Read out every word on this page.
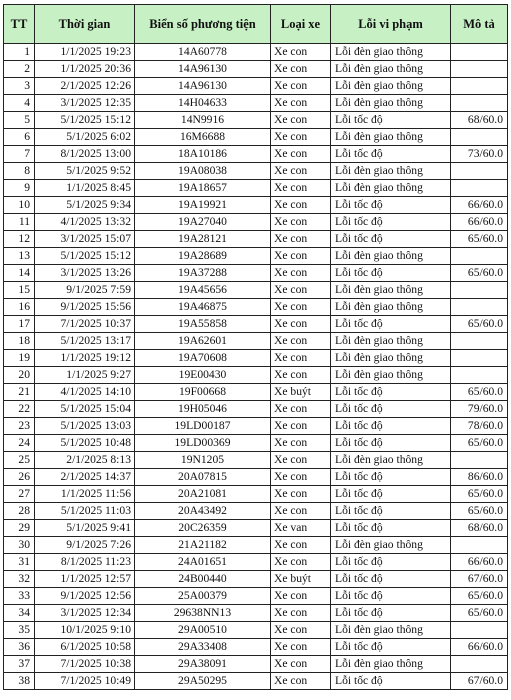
TT	Thời gian	Biển số phương tiện	Loại xe	Lỗi vi phạm	Mô tả
1	1/1/2025 19:23	14A60778	Xe con	Lỗi đèn giao thông	
2	1/1/2025 20:36	14A96130	Xe con	Lỗi đèn giao thông	
3	2/1/2025 12:26	14A96130	Xe con	Lỗi đèn giao thông	
4	3/1/2025 12:35	14H04633	Xe con	Lỗi đèn giao thông	
5	5/1/2025 15:12	14N9916	Xe con	Lỗi tốc độ	68/60.0
6	5/1/2025 6:02	16M6688	Xe con	Lỗi đèn giao thông	
7	8/1/2025 13:00	18A10186	Xe con	Lỗi tốc độ	73/60.0
8	5/1/2025 9:52	19A08038	Xe con	Lỗi đèn giao thông	
9	1/1/2025 8:45	19A18657	Xe con	Lỗi đèn giao thông	
10	5/1/2025 9:34	19A19921	Xe con	Lỗi tốc độ	66/60.0
11	4/1/2025 13:32	19A27040	Xe con	Lỗi tốc độ	66/60.0
12	3/1/2025 15:07	19A28121	Xe con	Lỗi tốc độ	65/60.0
13	5/1/2025 15:12	19A28689	Xe con	Lỗi đèn giao thông	
14	3/1/2025 13:26	19A37288	Xe con	Lỗi tốc độ	65/60.0
15	9/1/2025 7:59	19A45656	Xe con	Lỗi đèn giao thông	
16	9/1/2025 15:56	19A46875	Xe con	Lỗi đèn giao thông	
17	7/1/2025 10:37	19A55858	Xe con	Lỗi tốc độ	65/60.0
18	5/1/2025 13:17	19A62601	Xe con	Lỗi đèn giao thông	
19	1/1/2025 19:12	19A70608	Xe con	Lỗi đèn giao thông	
20	1/1/2025 9:27	19E00430	Xe con	Lỗi đèn giao thông	
21	4/1/2025 14:10	19F00668	Xe buýt	Lỗi tốc độ	65/60.0
22	5/1/2025 15:04	19H05046	Xe con	Lỗi tốc độ	79/60.0
23	5/1/2025 13:03	19LD00187	Xe con	Lỗi tốc độ	78/60.0
24	5/1/2025 10:48	19LD00369	Xe con	Lỗi tốc độ	65/60.0
25	2/1/2025 8:13	19N1205	Xe con	Lỗi đèn giao thông	
26	2/1/2025 14:37	20A07815	Xe con	Lỗi tốc độ	86/60.0
27	1/1/2025 11:56	20A21081	Xe con	Lỗi tốc độ	65/60.0
28	5/1/2025 11:03	20A43492	Xe con	Lỗi tốc độ	65/60.0
29	5/1/2025 9:41	20C26359	Xe van	Lỗi tốc độ	68/60.0
30	9/1/2025 7:26	21A21182	Xe con	Lỗi đèn giao thông	
31	8/1/2025 11:23	24A01651	Xe con	Lỗi tốc độ	66/60.0
32	1/1/2025 12:57	24B00440	Xe buýt	Lỗi tốc độ	67/60.0
33	9/1/2025 12:56	25A00379	Xe con	Lỗi tốc độ	65/60.0
34	3/1/2025 12:34	29638NN13	Xe con	Lỗi tốc độ	65/60.0
35	10/1/2025 9:10	29A00510	Xe con	Lỗi đèn giao thông	
36	6/1/2025 10:58	29A33408	Xe con	Lỗi tốc độ	66/60.0
37	7/1/2025 10:38	29A38091	Xe con	Lỗi đèn giao thông	
38	7/1/2025 10:49	29A50295	Xe con	Lỗi tốc độ	67/60.0
